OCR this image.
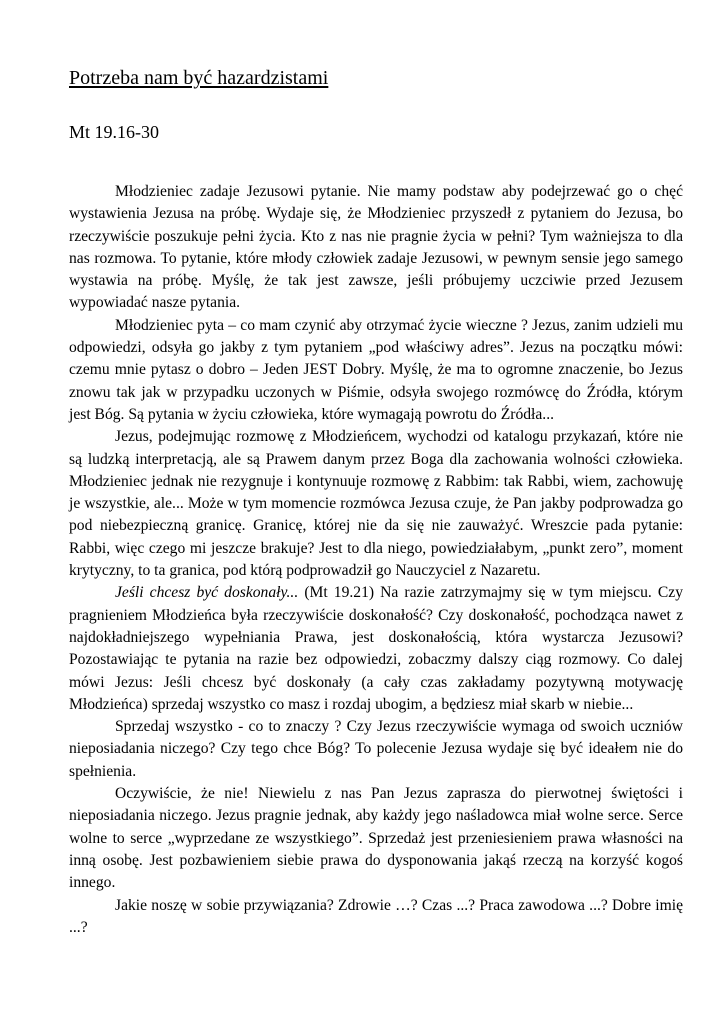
Potrzeba nam być hazardzistami

Mt 19.16-30

Młodzieniec zadaje Jezusowi pytanie. Nie mamy podstaw aby podejrzewać go o chęć wystawienia Jezusa na próbę. Wydaje się, że Młodzieniec przyszedł z pytaniem do Jezusa, bo rzeczywiście poszukuje pełni życia. Kto z nas nie pragnie życia w pełni? Tym ważniejsza to dla nas rozmowa. To pytanie, które młody człowiek zadaje Jezusowi, w pewnym sensie jego samego wystawia na próbę. Myślę, że tak jest zawsze, jeśli próbujemy uczciwie przed Jezusem wypowiadać nasze pytania.

Młodzieniec pyta – co mam czynić aby otrzymać życie wieczne ? Jezus, zanim udzieli mu odpowiedzi, odsyła go jakby z tym pytaniem „pod właściwy adres”. Jezus na początku mówi: czemu mnie pytasz o dobro – Jeden JEST Dobry. Myślę, że ma to ogromne znaczenie, bo Jezus znowu tak jak w przypadku uczonych w Piśmie, odsyła swojego rozmówcę do Źródła, którym jest Bóg. Są pytania w życiu człowieka, które wymagają powrotu do Źródła...

Jezus, podejmując rozmowę z Młodzieńcem, wychodzi od katalogu przykazań, które nie są ludzką interpretacją, ale są Prawem danym przez Boga dla zachowania wolności człowieka. Młodzieniec jednak nie rezygnuje i kontynuuje rozmowę z Rabbim: tak Rabbi, wiem, zachowuję je wszystkie, ale... Może w tym momencie rozmówca Jezusa czuje, że Pan jakby podprowadza go pod niebezpieczną granicę. Granicę, której nie da się nie zauważyć. Wreszcie pada pytanie: Rabbi, więc czego mi jeszcze brakuje? Jest to dla niego, powiedziałabym, „punkt zero”, moment krytyczny, to ta granica, pod którą podprowadził go Nauczyciel z Nazaretu.

Jeśli chcesz być doskonały... (Mt 19.21) Na razie zatrzymajmy się w tym miejscu. Czy pragnieniem Młodzieńca była rzeczywiście doskonałość? Czy doskonałość, pochodząca nawet z najdokładniejszego wypełniania Prawa, jest doskonałością, która wystarcza Jezusowi? Pozostawiając te pytania na razie bez odpowiedzi, zobaczmy dalszy ciąg rozmowy. Co dalej mówi Jezus: Jeśli chcesz być doskonały (a cały czas zakładamy pozytywną motywację Młodzieńca) sprzedaj wszystko co masz i rozdaj ubogim, a będziesz miał skarb w niebie...

Sprzedaj wszystko - co to znaczy ? Czy Jezus rzeczywiście wymaga od swoich uczniów nieposiadania niczego? Czy tego chce Bóg? To polecenie Jezusa wydaje się być ideałem nie do spełnienia.

Oczywiście, że nie! Niewielu z nas Pan Jezus zaprasza do pierwotnej świętości i nieposiadania niczego. Jezus pragnie jednak, aby każdy jego naśladowca miał wolne serce. Serce wolne to serce „wyprzedane ze wszystkiego”. Sprzedaż jest przeniesieniem prawa własności na inną osobę. Jest pozbawieniem siebie prawa do dysponowania jakąś rzeczą na korzyść kogoś innego.

Jakie noszę w sobie przywiązania? Zdrowie …? Czas ...? Praca zawodowa ...? Dobre imię ...?
